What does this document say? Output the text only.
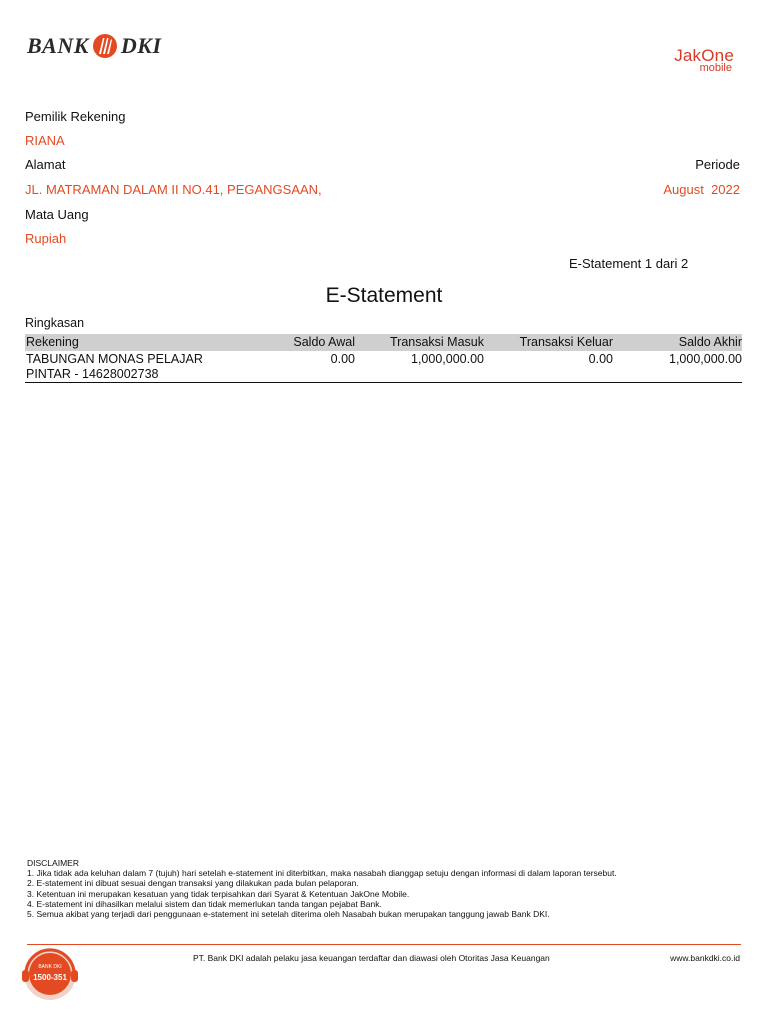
BANK DKI	JakOne
mobile
Pemilik Rekening
RIANA
Alamat
JL. MATRAMAN DALAM II NO.41, PEGANGSAAN,
Periode
August  2022
Mata Uang
Rupiah
E-Statement 1 dari 2
E-Statement
Ringkasan
Rekening	Saldo Awal	Transaksi Masuk	Transaksi Keluar	Saldo Akhir
TABUNGAN MONAS PELAJAR
PINTAR - 14628002738
0.00	1,000,000.00	0.00	1,000,000.00
DISCLAIMER
1. Jika tidak ada keluhan dalam 7 (tujuh) hari setelah e-statement ini diterbitkan, maka nasabah dianggap setuju dengan informasi di dalam laporan tersebut.
2. E-statement ini dibuat sesuai dengan transaksi yang dilakukan pada bulan pelaporan.
3. Ketentuan ini merupakan kesatuan yang tidak terpisahkan dari Syarat & Ketentuan JakOne Mobile.
4. E-statement ini dihasilkan melalui sistem dan tidak memerlukan tanda tangan pejabat Bank.
5. Semua akibat yang terjadi dari penggunaan e-statement ini setelah diterima oleh Nasabah bukan merupakan tanggung jawab Bank DKI.
PT. Bank DKI adalah pelaku jasa keuangan terdaftar dan diawasi oleh Otoritas Jasa Keuangan	www.bankdki.co.id
BANK DKI
1500-351
